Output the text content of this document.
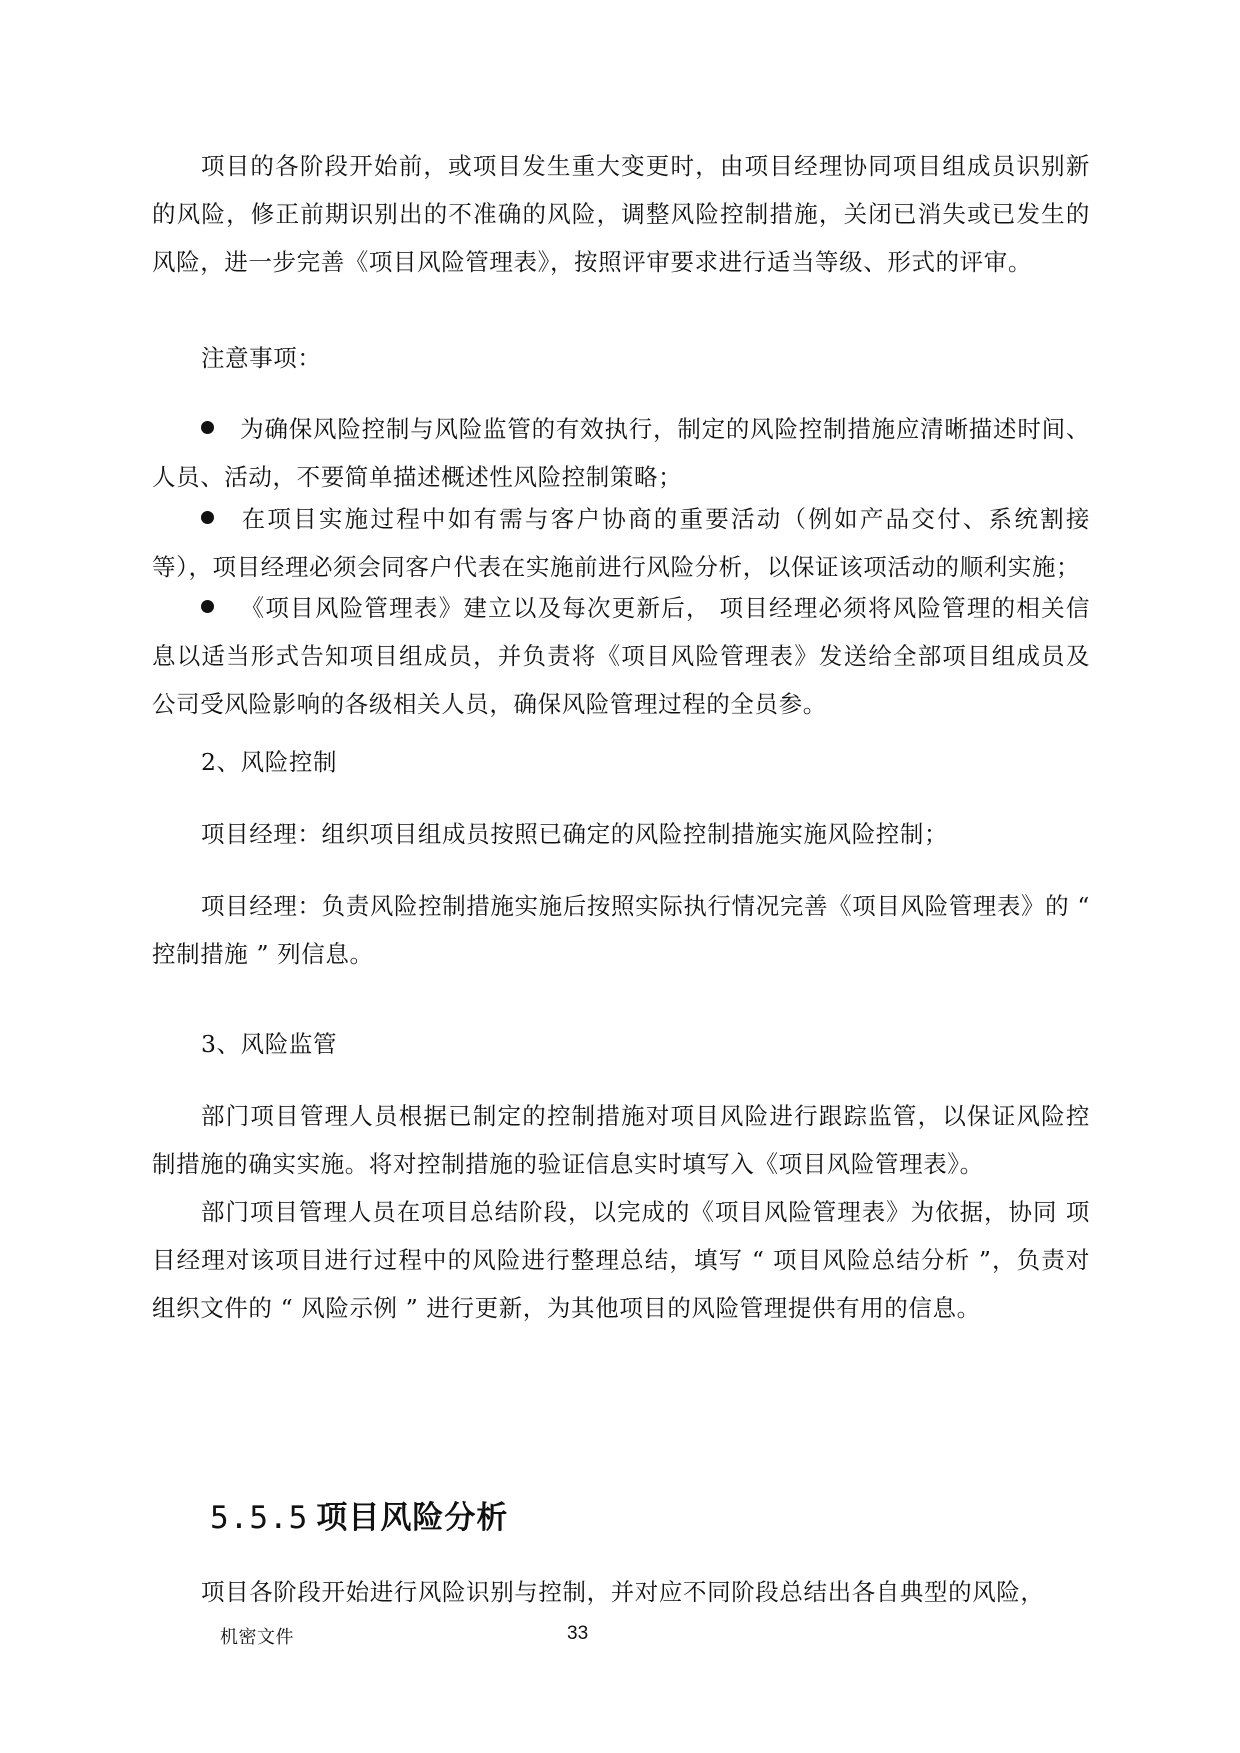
项目的各阶段开始前，或项目发生重大变更时，由项目经理协同项目组成员识别新的风险，修正前期识别出的不准确的风险，调整风险控制措施，关闭已消失或已发生的风险，进一步完善《项目风险管理表》，按照评审要求进行适当等级、形式的评审。

注意事项：

为确保风险控制与风险监管的有效执行，制定的风险控制措施应清晰描述时间、人员、活动，不要简单描述概述性风险控制策略；

在项目实施过程中如有需与客户协商的重要活动（例如产品交付、系统割接等），项目经理必须会同客户代表在实施前进行风险分析，以保证该项活动的顺利实施；

《项目风险管理表》建立以及每次更新后， 项目经理必须将风险管理的相关信息以适当形式告知项目组成员，并负责将《项目风险管理表》发送给全部项目组成员及公司受风险影响的各级相关人员，确保风险管理过程的全员参。

2、风险控制

项目经理：组织项目组成员按照已确定的风险控制措施实施风险控制；

项目经理：负责风险控制措施实施后按照实际执行情况完善《项目风险管理表》的 “ 控制措施 ” 列信息。

3、风险监管

部门项目管理人员根据已制定的控制措施对项目风险进行跟踪监管，以保证风险控制措施的确实实施。将对控制措施的验证信息实时填写入《项目风险管理表》。

部门项目管理人员在项目总结阶段，以完成的《项目风险管理表》为依据，协同 项目经理对该项目进行过程中的风险进行整理总结，填写 “ 项目风险总结分析 ”，负责对组织文件的 “ 风险示例 ” 进行更新，为其他项目的风险管理提供有用的信息。

5.5.5 项目风险分析

项目各阶段开始进行风险识别与控制，并对应不同阶段总结出各自典型的风险，

机密文件	33
